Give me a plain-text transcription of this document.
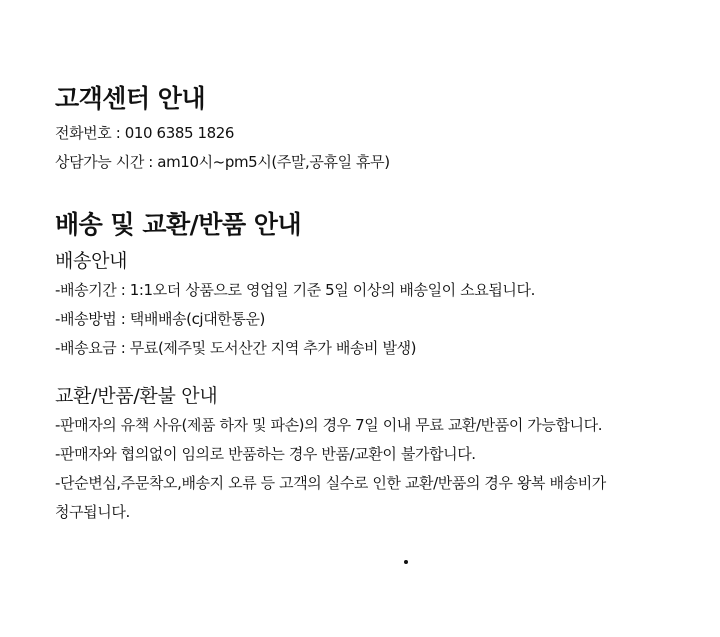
고객센터 안내

전화번호 : 010 6385 1826

상담가능 시간 : am10시~pm5시(주말,공휴일 휴무)

배송 및 교환/반품 안내
배송안내

-배송기간 : 1:1오더 상품으로 영업일 기준 5일 이상의 배송일이 소요됩니다.

-배송방법 : 택배배송(cj대한통운)

-배송요금 : 무료(제주및 도서산간 지역 추가 배송비 발생)

교환/반품/환불 안내

-판매자의 유책 사유(제품 하자 및 파손)의 경우 7일 이내 무료 교환/반품이 가능합니다.

-판매자와 협의없이 임의로 반품하는 경우 반품/교환이 불가합니다.

-단순변심,주문착오,배송지 오류 등 고객의 실수로 인한 교환/반품의 경우 왕복 배송비가

청구됩니다.
